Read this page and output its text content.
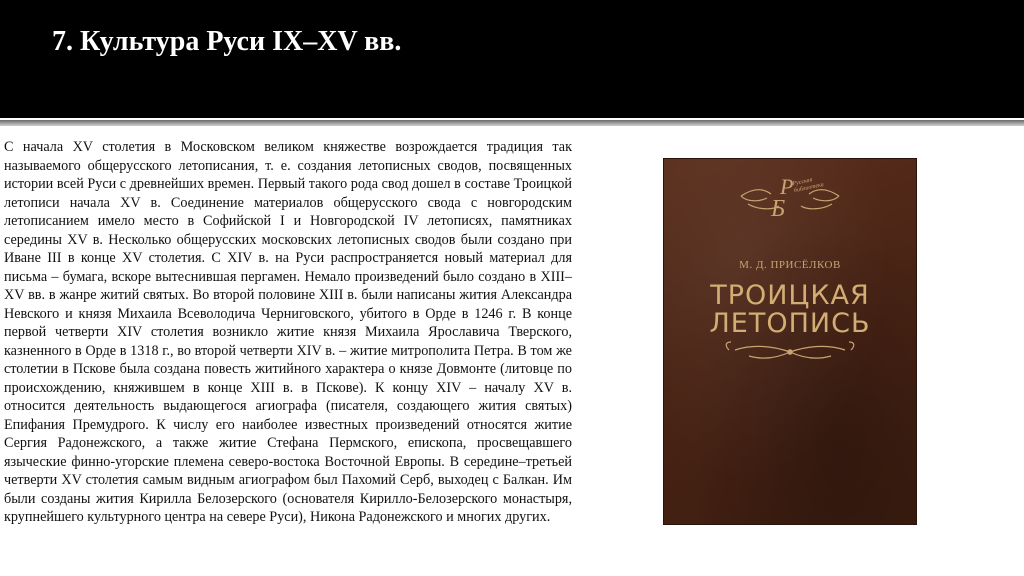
7. Культура Руси IX–XV вв.
С начала XV столетия в Московском великом княжестве возрождается традиция так называемого общерусского летописания, т. е. создания летописных сводов, посвященных истории всей Руси с древнейших времен. Первый такого рода свод дошел в составе Троицкой летописи начала XV в. Соединение материалов общерусского свода с новгородским летописанием имело место в Софийской I и Новгородской IV летописях, памятниках середины XV в. Несколько общерусских московских летописных сводов были создано при Иване III в конце XV столетия. С XIV в. на Руси распространяется новый материал для письма – бумага, вскоре вытеснившая пергамен. Немало произведений было создано в XIII–XV вв. в жанре житий святых. Во второй половине XIII в. были написаны жития Александра Невского и князя Михаила Всеволодича Черниговского, убитого в Орде в 1246 г. В конце первой четверти XIV столетия возникло житие князя Михаила Ярославича Тверского, казненного в Орде в 1318 г., во второй четверти XIV в. – житие митрополита Петра. В том же столетии в Пскове была создана повесть житийного характера о князе Довмонте (литовце по происхождению, княжившем в конце XIII в. в Пскове). К концу XIV – началу XV в. относится деятельность выдающегося агиографа (писателя, создающего жития святых) Епифания Премудрого. К числу его наиболее известных произведений относятся житие Сергия Радонежского, а также житие Стефана Пермского, епископа, просвещавшего языческие финно-угорские племена северо-востока Восточной Европы. В середине–третьей четверти XV столетия самым видным агиографом был Пахомий Серб, выходец с Балкан. Им были созданы жития Кирилла Белозерского (основателя Кирилло-Белозерского монастыря, крупнейшего культурного центра на севере Руси), Никона Радонежского и многих других.
Р
Б
Русская библиотека
М. Д. ПРИСЁЛКОВ
ТРОИЦКАЯ
ЛЕТОПИСЬ
